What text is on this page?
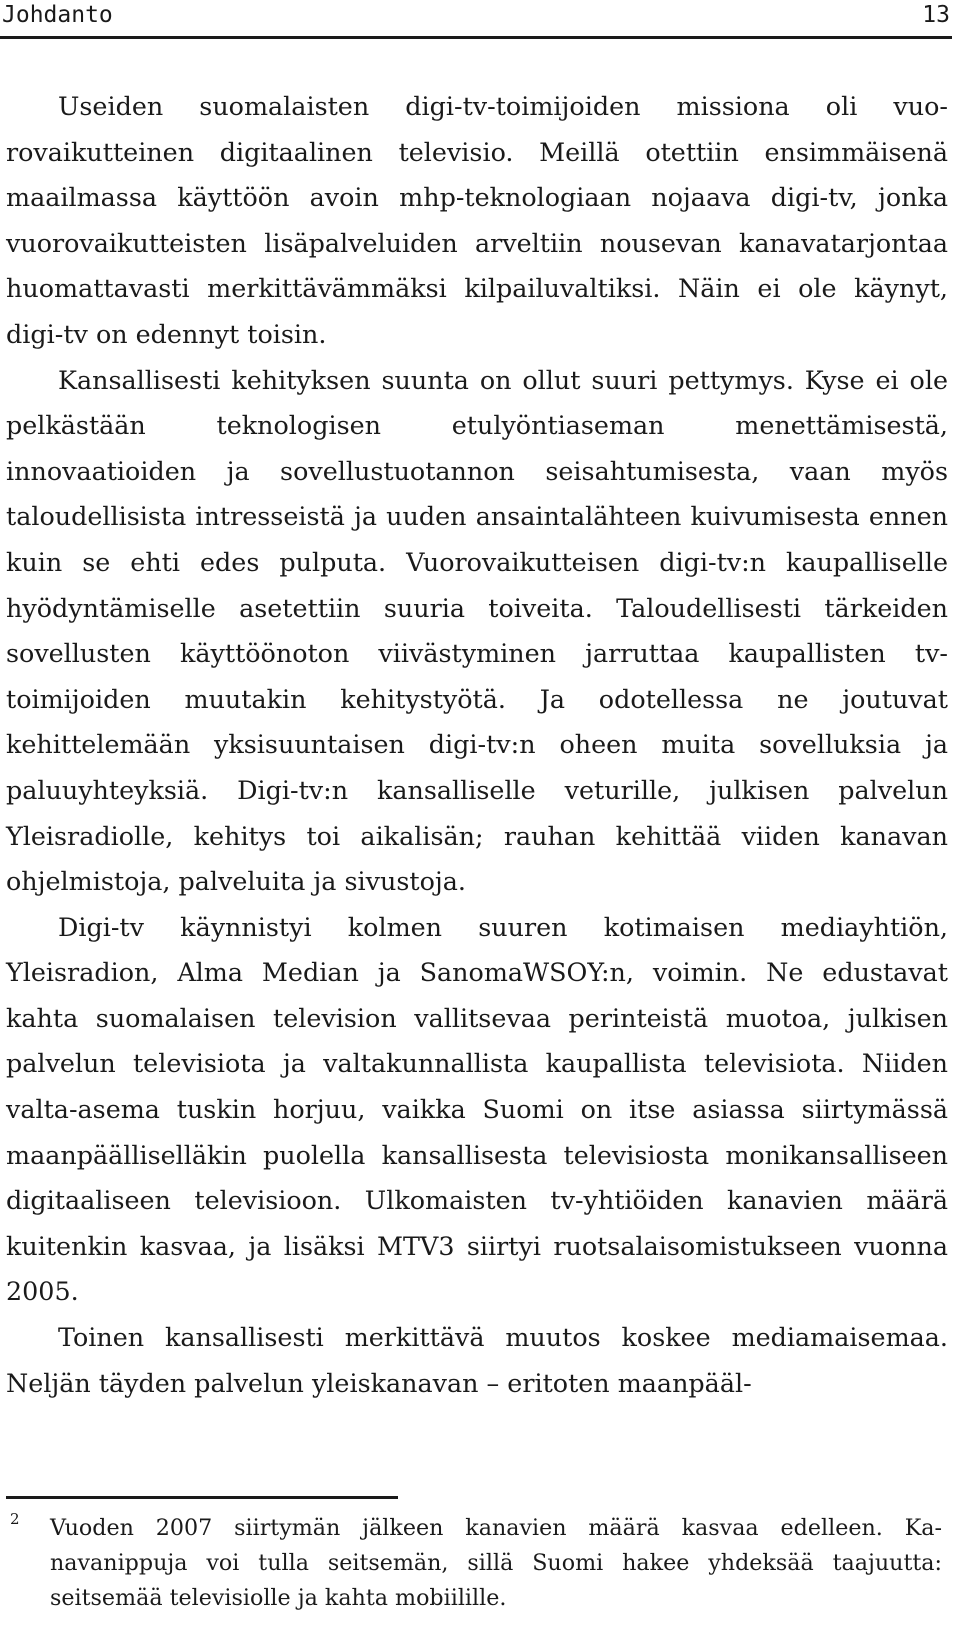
Johdanto	13

Useiden suomalaisten digi-tv-toimijoiden missiona oli vuorovaikutteinen digitaalinen televisio. Meillä otettiin ensimmäisenä maailmassa käyttöön avoin mhp-teknologiaan nojaava digi-tv, jonka vuorovaikutteisten lisäpalveluiden arveltiin nousevan kanavatarjontaa huomattavasti merkittävämmäksi kilpailuvaltiksi. Näin ei ole käynyt, digi-tv on edennyt toisin.

Kansallisesti kehityksen suunta on ollut suuri pettymys. Kyse ei ole pelkästään teknologisen etulyöntiaseman menettämisestä, innovaatioiden ja sovellustuotannon seisahtumisesta, vaan myös taloudellisista intresseistä ja uuden ansaintalähteen kuivumisesta ennen kuin se ehti edes pulputa. Vuorovaikutteisen digi-tv:n kaupalliselle hyödyntämiselle asetettiin suuria toiveita. Taloudellisesti tärkeiden sovellusten käyttöönoton viivästyminen jarruttaa kaupallisten tv-toimijoiden muutakin kehitystyötä. Ja odotellessa ne joutuvat kehittelemään yksisuuntaisen digi-tv:n oheen muita sovelluksia ja paluuyhteyksiä. Digi-tv:n kansalliselle veturille, julkisen palvelun Yleisradiolle, kehitys toi aikalisän; rauhan kehittää viiden kanavan ohjelmistoja, palveluita ja sivustoja.

Digi-tv käynnistyi kolmen suuren kotimaisen mediayhtiön, Yleisradion, Alma Median ja SanomaWSOY:n, voimin. Ne edustavat kahta suomalaisen television vallitsevaa perinteistä muotoa, julkisen palvelun televisiota ja valtakunnallista kaupallista televisiota. Niiden valta-asema tuskin horjuu, vaikka Suomi on itse asiassa siirtymässä maanpäälliselläkin puolella kansallisesta televisiosta monikansalliseen digitaaliseen televisioon. Ulkomaisten tv-yhtiöiden kanavien määrä kuitenkin kasvaa, ja lisäksi MTV3 siirtyi ruotsalaisomistukseen vuonna 2005.

Toinen kansallisesti merkittävä muutos koskee mediamaisemaa. Neljän täyden palvelun yleiskanavan – eritoten maanpääl-

2 Vuoden 2007 siirtymän jälkeen kanavien määrä kasvaa edelleen. Kanavanippuja voi tulla seitsemän, sillä Suomi hakee yhdeksää taajuutta: seitsemää televisiolle ja kahta mobiilille.
